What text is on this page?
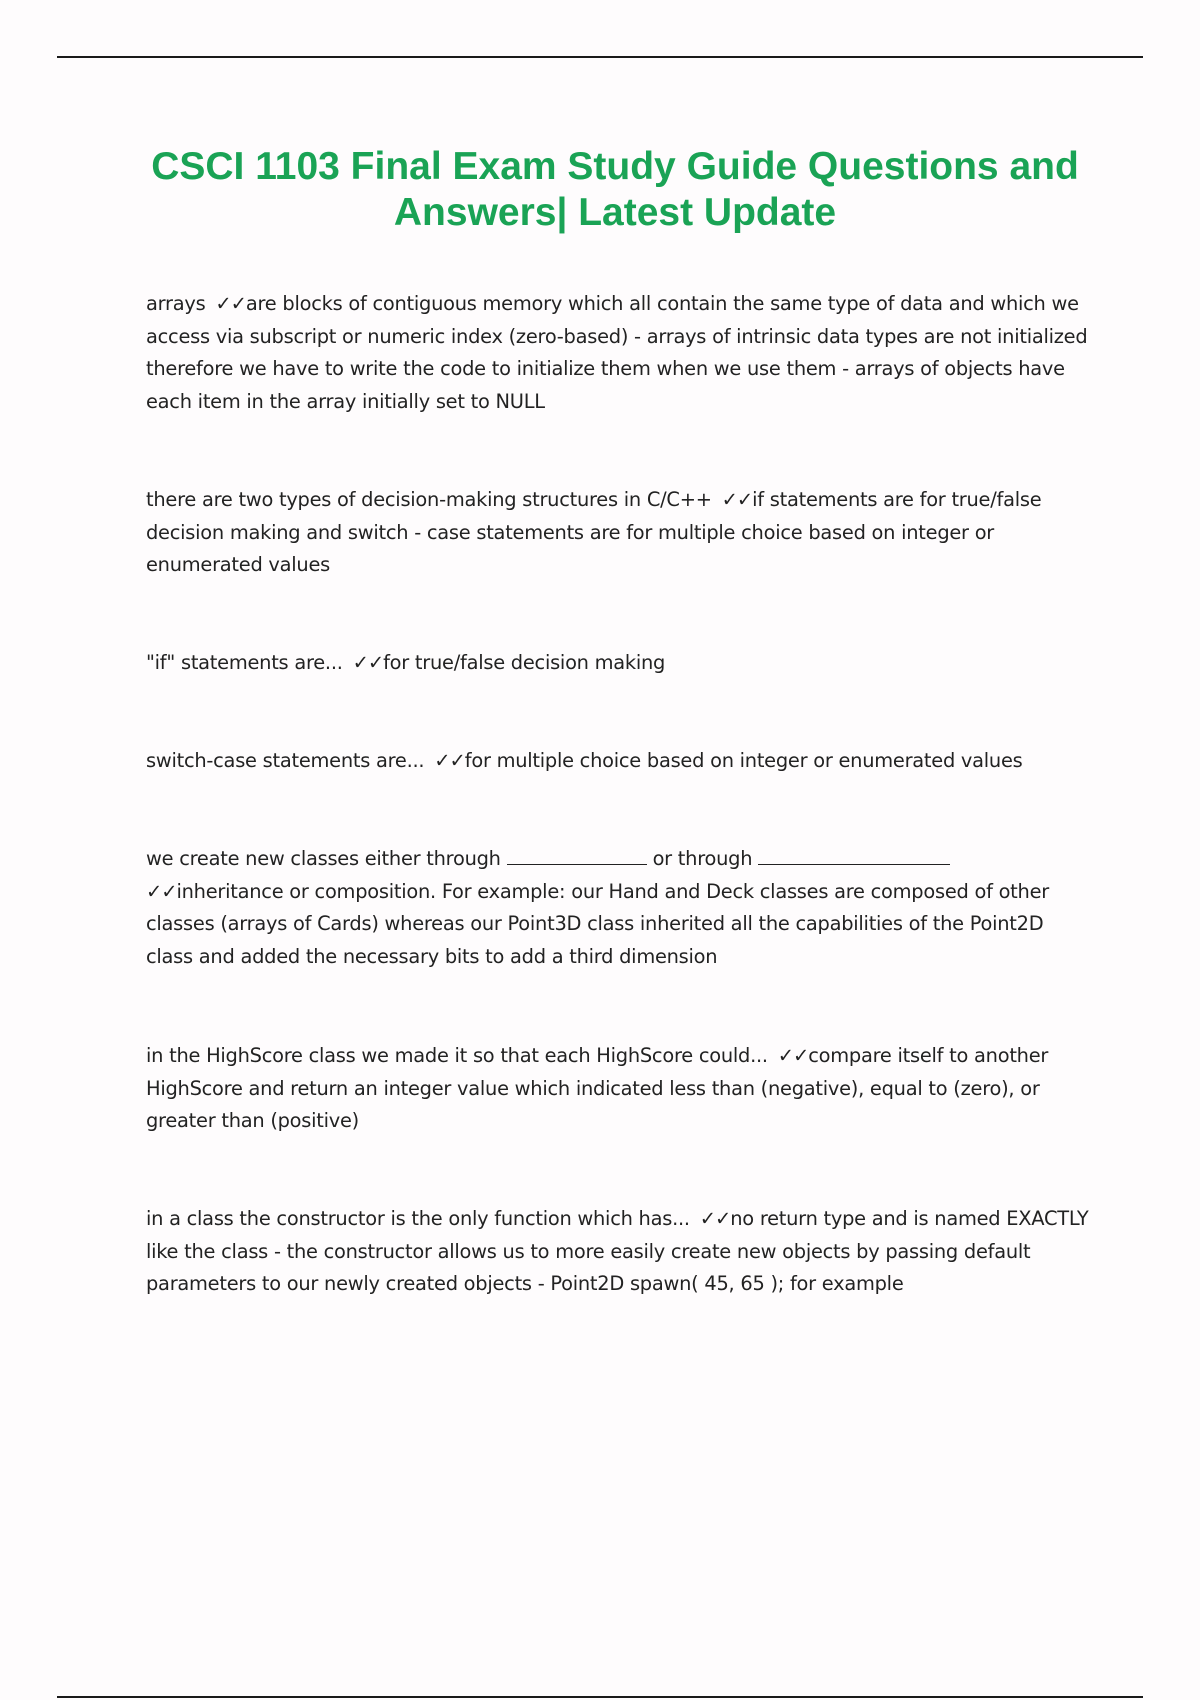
CSCI 1103 Final Exam Study Guide Questions and Answers| Latest Update

arrays ✓✓are blocks of contiguous memory which all contain the same type of data and which we access via subscript or numeric index (zero-based) - arrays of intrinsic data types are not initialized therefore we have to write the code to initialize them when we use them - arrays of objects have each item in the array initially set to NULL

there are two types of decision-making structures in C/C++ ✓✓if statements are for true/false decision making and switch - case statements are for multiple choice based on integer or enumerated values

"if" statements are... ✓✓for true/false decision making

switch-case statements are... ✓✓for multiple choice based on integer or enumerated values

we create new classes either through	or through
✓✓inheritance or composition. For example: our Hand and Deck classes are composed of other classes (arrays of Cards) whereas our Point3D class inherited all the capabilities of the Point2D class and added the necessary bits to add a third dimension

in the HighScore class we made it so that each HighScore could... ✓✓compare itself to another HighScore and return an integer value which indicated less than (negative), equal to (zero), or greater than (positive)

in a class the constructor is the only function which has... ✓✓no return type and is named EXACTLY like the class - the constructor allows us to more easily create new objects by passing default parameters to our newly created objects - Point2D spawn( 45, 65 ); for example
